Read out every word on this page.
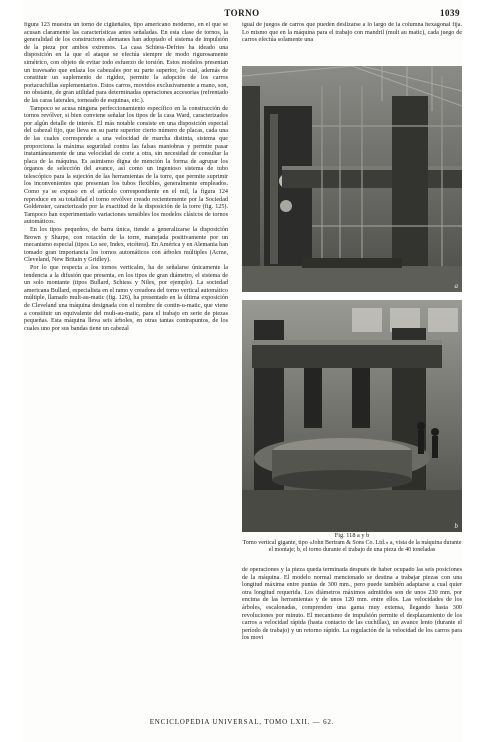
TORNO	1039

figura 123 muestra un torno de cigüeñales, tipo americano moderno, en el que se acusan claramente las características antes señaladas. En esta clase de tornos, la generalidad de los constructores alemanes han adoptado el sistema de impulsión de la pieza por ambos extremos. La casa Schiess-Defries ha ideado una disposición en la que el ataque se efectúa siempre de modo rigurosamente simétrico, con objeto de evitar todo esfuerzo de torsión. Estos modelos presentan un travesaño que enlaza los cabezales por su parte superior, lo cual, además de constituir un suplemento de rigidez, permite la adopción de los carros portacuchillas suplementarios. Estos carros, movidos exclusivamente a mano, son, no obstante, de gran utilidad para determinadas operaciones accesorias (refrentado de las caras laterales, torneado de esquinas, etc.).

Tampoco se acusa ninguna perfeccionamiento específico en la construcción de tornos revólver, si bien conviene señalar los tipos de la casa Ward, caracterizados por algún detalle de interés. El más notable consiste en una disposición especial del cabezal fijo, que lleva en su parte superior cierto número de placas, cada una de las cuales corresponde a una velocidad de marcha distinta, sistema que proporciona la máxima seguridad contra las falsas maniobras y permite pasar instantáneamente de una velocidad de corte a otra, sin necesidad de consultar la placa de la máquina. Es asimismo digna de mención la forma de agrupar los órganos de selección del avance, así como un ingenioso sistema de tubo telescópico para la sujeción de las herramientas de la torre, que permite suprimir los inconvenientes que presentan los tubos flexibles, generalmente empleados. Como ya se expuso en el artículo correspondiente en el mil, la figura 124 reproduce en su totalidad el torno revólver creado recientemente por la Sociedad Goldenster, caracterizado por la exactitud de la disposición de la torre (fig. 125). Tampoco han experimentado variaciones sensibles los modelos clásicos de tornos automáticos.

En los tipos pequeños, de barra única, tiende a generalizarse la disposición Brown y Sharpe, con rotación de la torre, manejada positivamente por un mecanismo especial (tipos Lo see, Index, etcétera). En América y en Alemania han tomado gran importancia los tornos automáticos con árboles múltiples (Acme, Cleveland, New Britain y Gridley).

Por lo que respecta a los tornos verticales, ha de señalarse únicamente la tendencia a la difusión que presenta, en los tipos de gran diámetro, el sistema de un solo montante (tipos Bullard, Schiess y Niles, por ejemplo). La sociedad americana Bullard, especialista en el ramo y creadora del torno vertical automático múltiple, llamado mult-au-matic (fig. 126), ha presentado en la última exposición de Cleveland una máquina designada con el nombre de contin-u-matic, que viene a constituir un equivalente del mult-au-matic, para el trabajo en serie de piezas pequeñas. Esta máquina lleva seis árboles, en otras tantas contrapuntos, de los cuales uno por sus bandas tiene un cabezal

igual de juegos de carros que pueden deslizarse a lo largo de la columna hexagonal fija. Lo mismo que en la máquina para el trabajo con mandril (mult au matic), cada juego de carros efectúa solamente una

a
b
Fig. 118 a y b
Torno vertical gigante, tipo «John Bertram & Sons Co. Ltd.» a, vista de la máquina durante el montaje; b, el torno durante el trabajo de una pieza de 40 toneladas

de operaciones y la pieza queda terminada después de haber ocupado las seis posiciones de la máquina. El modelo normal mencionado se destina a trabajar piezas con una longitud máxima entre puntas de 300 mm., pero puede también adaptarse a cual quier otra longitud requerida. Los diámetros máximos admitidos son de unos 230 mm. por encima de las herramientas y de unos 120 mm. entre ellos. Las velocidades de los árboles, escalonadas, comprenden una gama muy extensa, llegando hasta 300 revoluciones por minuto. El mecanismo de impulsión permite el desplazamiento de los carros a velocidad rápida (hasta contacto de las cuchillas), un avance lento (durante el período de trabajo) y un retorno rápido. La regulación de la velocidad de los carros para los movi

ENCICLOPEDIA UNIVERSAL, TOMO LXII. — 62.
